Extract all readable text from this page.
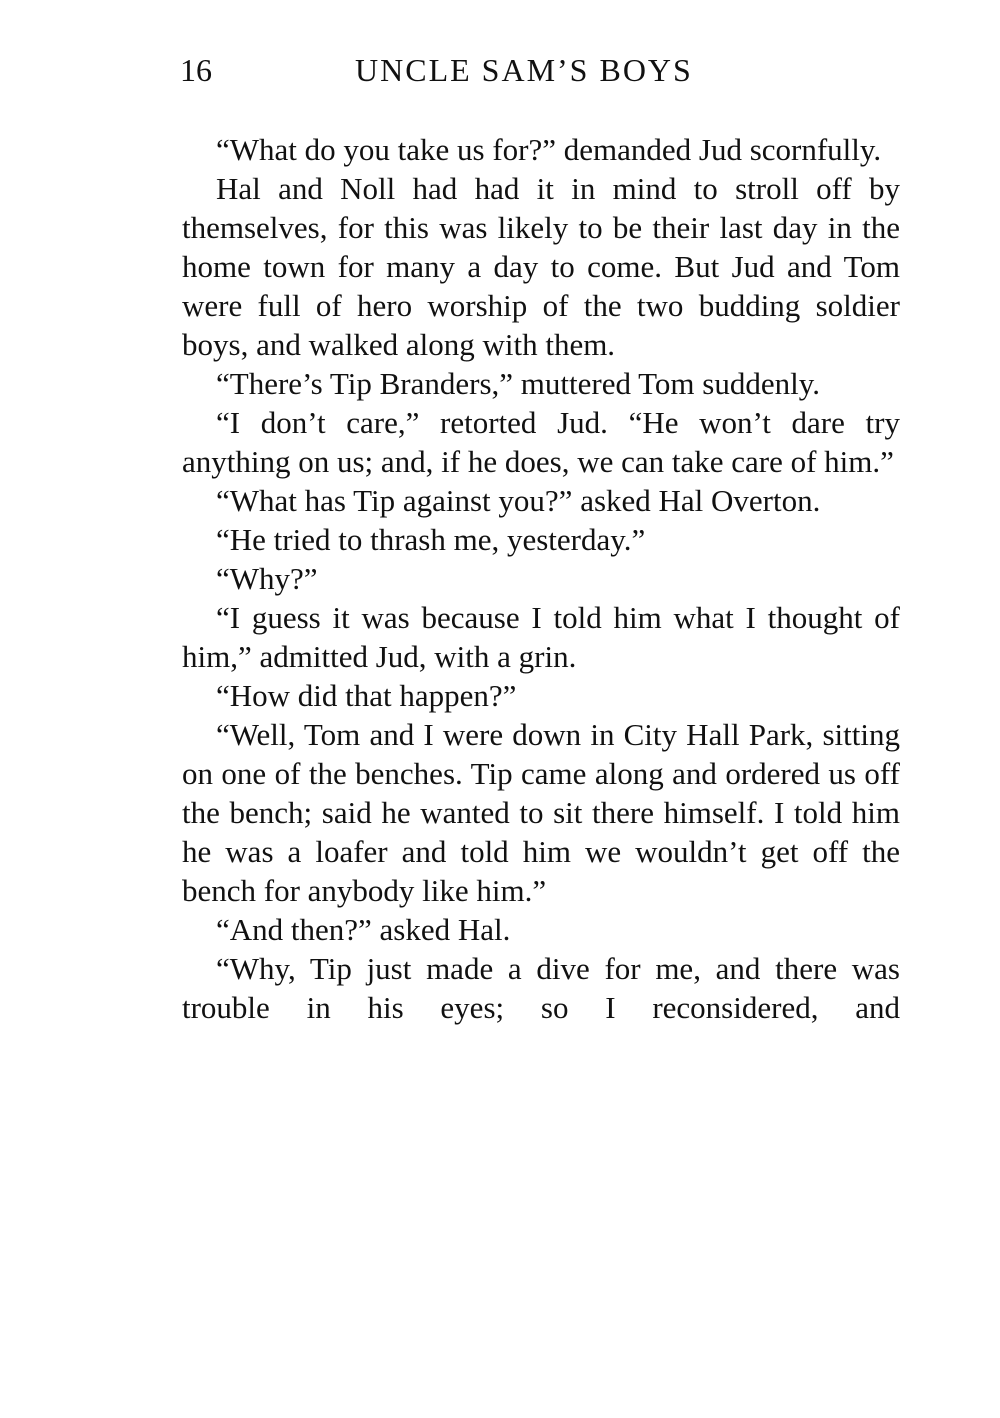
16	UNCLE SAM’S BOYS

“What do you take us for?” demanded Jud scornfully.

Hal and Noll had had it in mind to stroll off by themselves, for this was likely to be their last day in the home town for many a day to come. But Jud and Tom were full of hero worship of the two budding soldier boys, and walked along with them.

“There’s Tip Branders,” muttered Tom suddenly.

“I don’t care,” retorted Jud. “He won’t dare try anything on us; and, if he does, we can take care of him.”

“What has Tip against you?” asked Hal Overton.

“He tried to thrash me, yesterday.”

“Why?”

“I guess it was because I told him what I thought of him,” admitted Jud, with a grin.

“How did that happen?”

“Well, Tom and I were down in City Hall Park, sitting on one of the benches. Tip came along and ordered us off the bench; said he wanted to sit there himself. I told him he was a loafer and told him we wouldn’t get off the bench for anybody like him.”

“And then?” asked Hal.

“Why, Tip just made a dive for me, and there was trouble in his eyes; so I reconsidered, and
